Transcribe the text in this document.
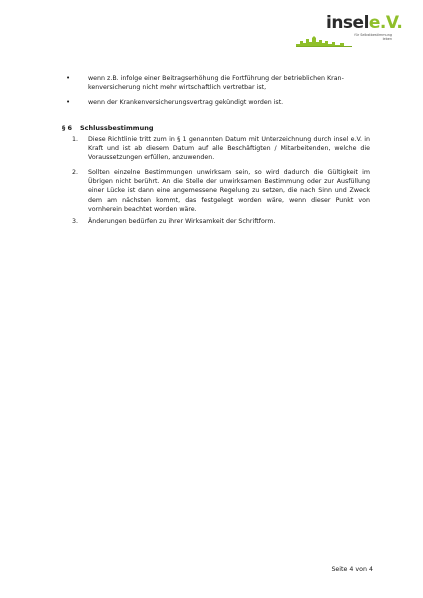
insele.V.
für Selbstbestimmung
leben
•	wenn z.B. infolge einer Beitragserhöhung die Fortführung der betrieblichen Krankenversicherung nicht mehr wirtschaftlich vertretbar ist,
•	wenn der Krankenversicherungsvertrag gekündigt worden ist.
§ 6 Schlussbestimmung
1. Diese Richtlinie tritt zum in § 1 genannten Datum mit Unterzeichnung durch insel e.V. in Kraft und ist ab diesem Datum auf alle Beschäftigten / Mitarbeitenden, welche die Voraussetzungen erfüllen, anzuwenden.
2. Sollten einzelne Bestimmungen unwirksam sein, so wird dadurch die Gültigkeit im Übrigen nicht berührt. An die Stelle der unwirksamen Bestimmung oder zur Ausfüllung einer Lücke ist dann eine angemessene Regelung zu setzen, die nach Sinn und Zweck dem am nächsten kommt, das festgelegt worden wäre, wenn dieser Punkt von vornherein beachtet worden wäre.
3. Änderungen bedürfen zu ihrer Wirksamkeit der Schriftform.
Seite 4 von 4
